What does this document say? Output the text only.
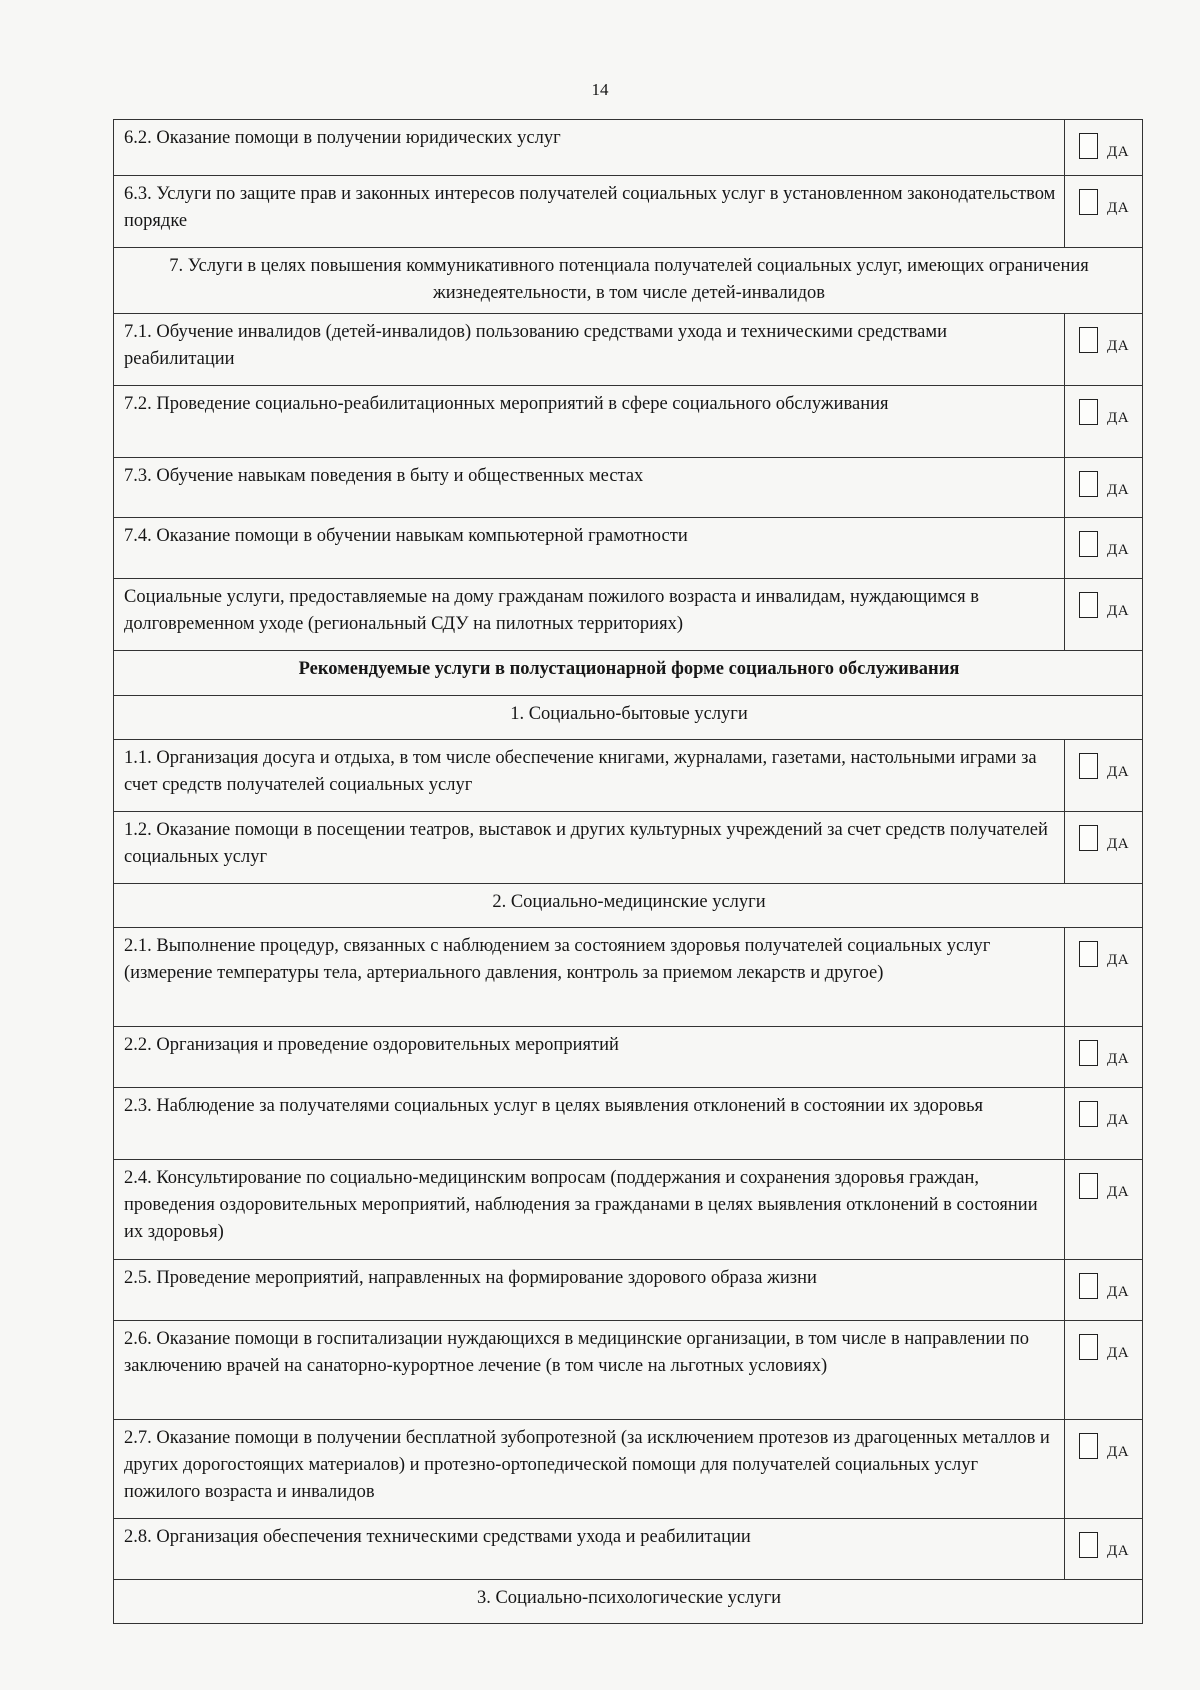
14
6.2. Оказание помощи в получении юридических услуг	ДА

6.3. Услуги по защите прав и законных интересов получателей социальных услуг в установленном законодательством порядке	ДА

7. Услуги в целях повышения коммуникативного потенциала получателей социальных услуг, имеющих ограничения жизнедеятельности, в том числе детей-инвалидов	
7.1. Обучение инвалидов (детей-инвалидов) пользованию средствами ухода и техническими средствами реабилитации	ДА

7.2. Проведение социально-реабилитационных мероприятий в сфере социального обслуживания	ДА

7.3. Обучение навыкам поведения в быту и общественных местах	ДА

7.4. Оказание помощи в обучении навыкам компьютерной грамотности	ДА

Социальные услуги, предоставляемые на дому гражданам пожилого возраста и инвалидам, нуждающимся в долговременном уходе (региональный СДУ на пилотных территориях)	ДА

Рекомендуемые услуги в полустационарной форме социального обслуживания	
1. Социально-бытовые услуги	
1.1. Организация досуга и отдыха, в том числе обеспечение книгами, журналами, газетами, настольными играми за счет средств получателей социальных услуг	ДА

1.2. Оказание помощи в посещении театров, выставок и других культурных учреждений за счет средств получателей социальных услуг	ДА

2. Социально-медицинские услуги	
2.1. Выполнение процедур, связанных с наблюдением за состоянием здоровья получателей социальных услуг (измерение температуры тела, артериального давления, контроль за приемом лекарств и другое)	ДА

2.2. Организация и проведение оздоровительных мероприятий	ДА

2.3. Наблюдение за получателями социальных услуг в целях выявления отклонений в состоянии их здоровья	ДА

2.4. Консультирование по социально-медицинским вопросам (поддержания и сохранения здоровья граждан, проведения оздоровительных мероприятий, наблюдения за гражданами в целях выявления отклонений в состоянии их здоровья)	ДА

2.5. Проведение мероприятий, направленных на формирование здорового образа жизни	ДА

2.6. Оказание помощи в госпитализации нуждающихся в медицинские организации, в том числе в направлении по заключению врачей на санаторно-курортное лечение (в том числе на льготных условиях)	ДА

2.7. Оказание помощи в получении бесплатной зубопротезной (за исключением протезов из драгоценных металлов и других дорогостоящих материалов) и протезно-ортопедической помощи для получателей социальных услуг пожилого возраста и инвалидов	ДА

2.8. Организация обеспечения техническими средствами ухода и реабилитации	ДА

3. Социально-психологические услуги	
